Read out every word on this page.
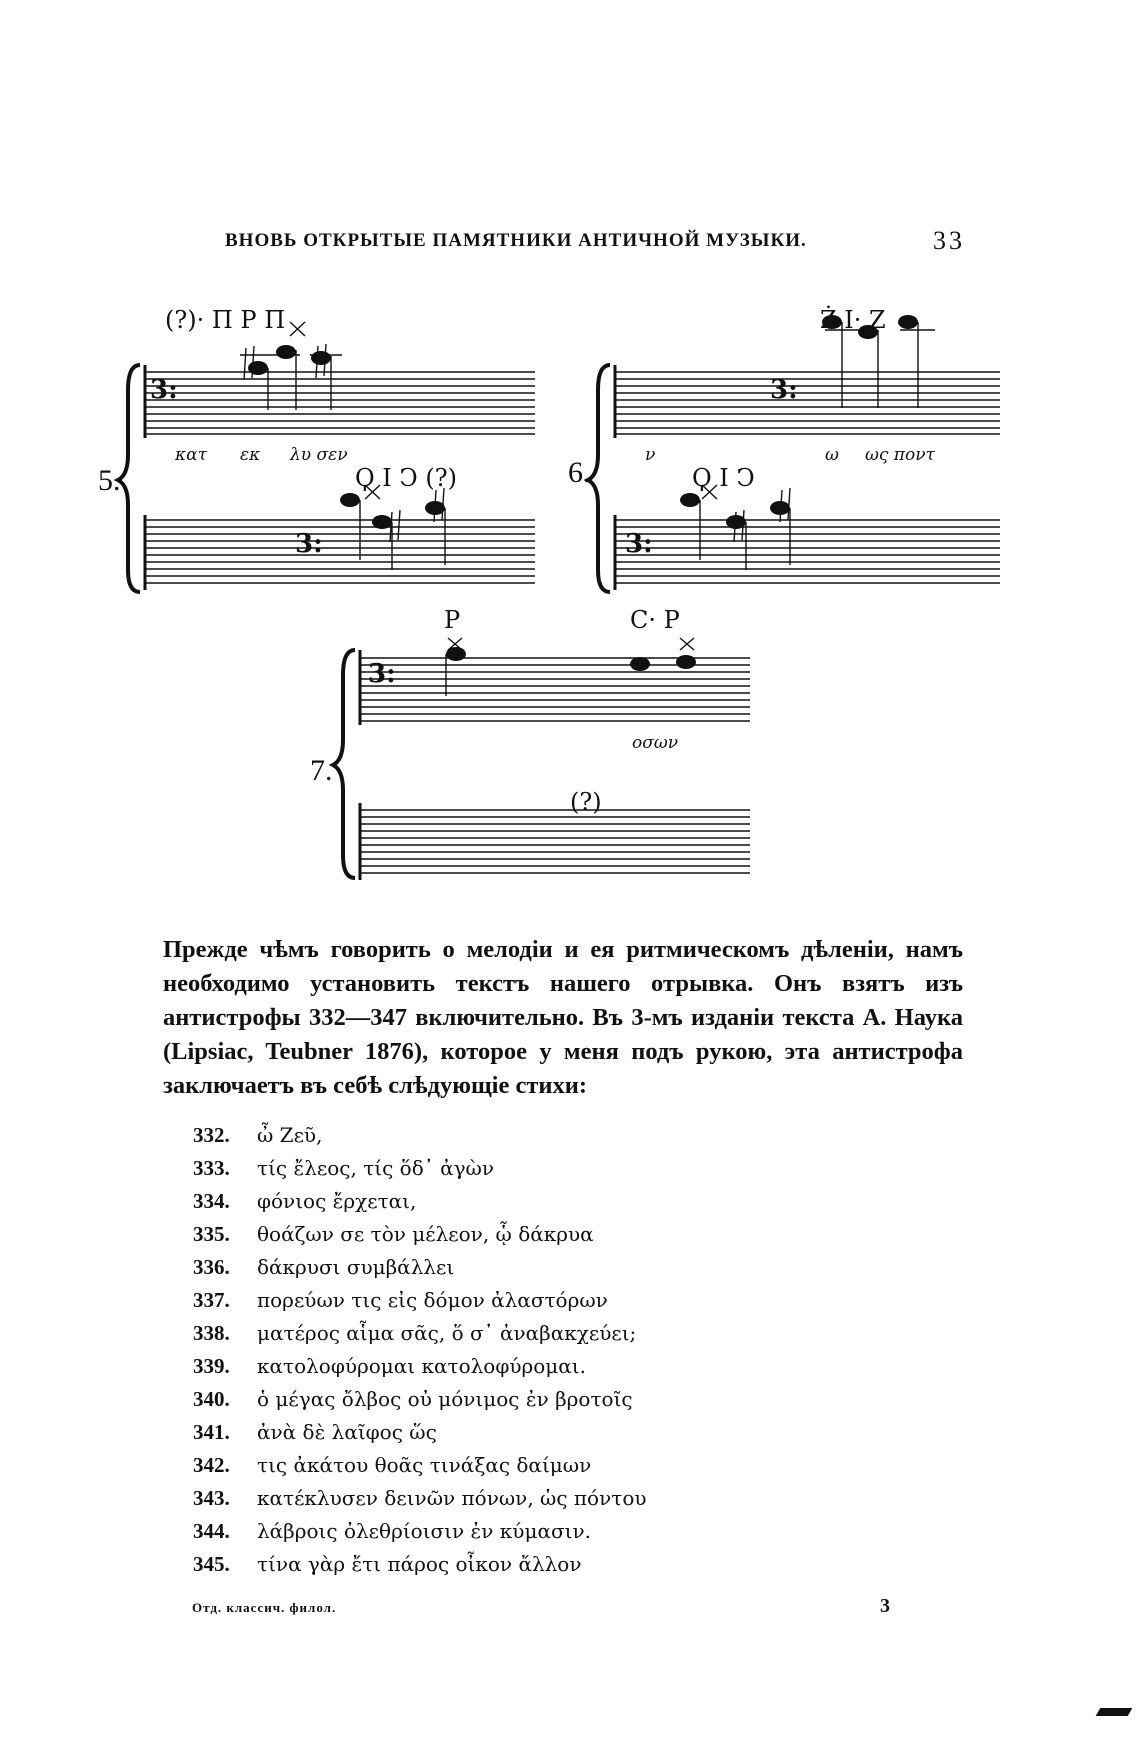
ВНОВЬ ОТКРЫТЫЕ ПАМЯТНИКИ АНТИЧНОЙ МУЗЫКИ.	33
3:
3:
3:
3:
3:
(?)· Π Ρ Π
Ϙ Ι Ͻ (?)
Ż Ι· Ζ
Ϙ Ι Ͻ
Ρ	C· Ρ
(?)
κατ εκ λυ σεν	ν	ω ως ποντ
οσων
5.	6.
7.
Прежде чѣмъ говорить о мелодіи и ея ритмическомъ дѣленіи, намъ необходимо установить текстъ нашего отрывка. Онъ взятъ изъ антистрофы 332—347 включительно. Въ 3-мъ изданіи текста А. Наука (Lipsiac, Teubner 1876), которое у меня подъ рукою, эта антистрофа заключаетъ въ себѣ слѣдующіе стихи:
332. ὦ Ζεῦ,
333. τίς ἔλεος, τίς ὅδ᾽ ἀγὼν
334. φόνιος ἔρχεται,
335. θοάζων σε τὸν μέλεον, ᾧ δάκρυα
336. δάκρυσι συμβάλλει
337. πορεύων τις εἰς δόμον ἀλαστόρων
338. ματέρος αἷμα σᾶς, ὅ σ᾽ ἀναβακχεύει;
339. κατολοφύρομαι κατολοφύρομαι.
340. ὁ μέγας ὄλβος οὐ μόνιμος ἐν βροτοῖς
341. ἀνὰ δὲ λαῖφος ὥς
342. τις ἀκάτου θοᾶς τινάξας δαίμων
343. κατέκλυσεν δεινῶν πόνων, ὡς πόντου
344. λάβροις ὀλεθρίοισιν ἐν κύμασιν.
345. τίνα γὰρ ἔτι πάρος οἶκον ἄλλον
Отд. классич. филол.	3
